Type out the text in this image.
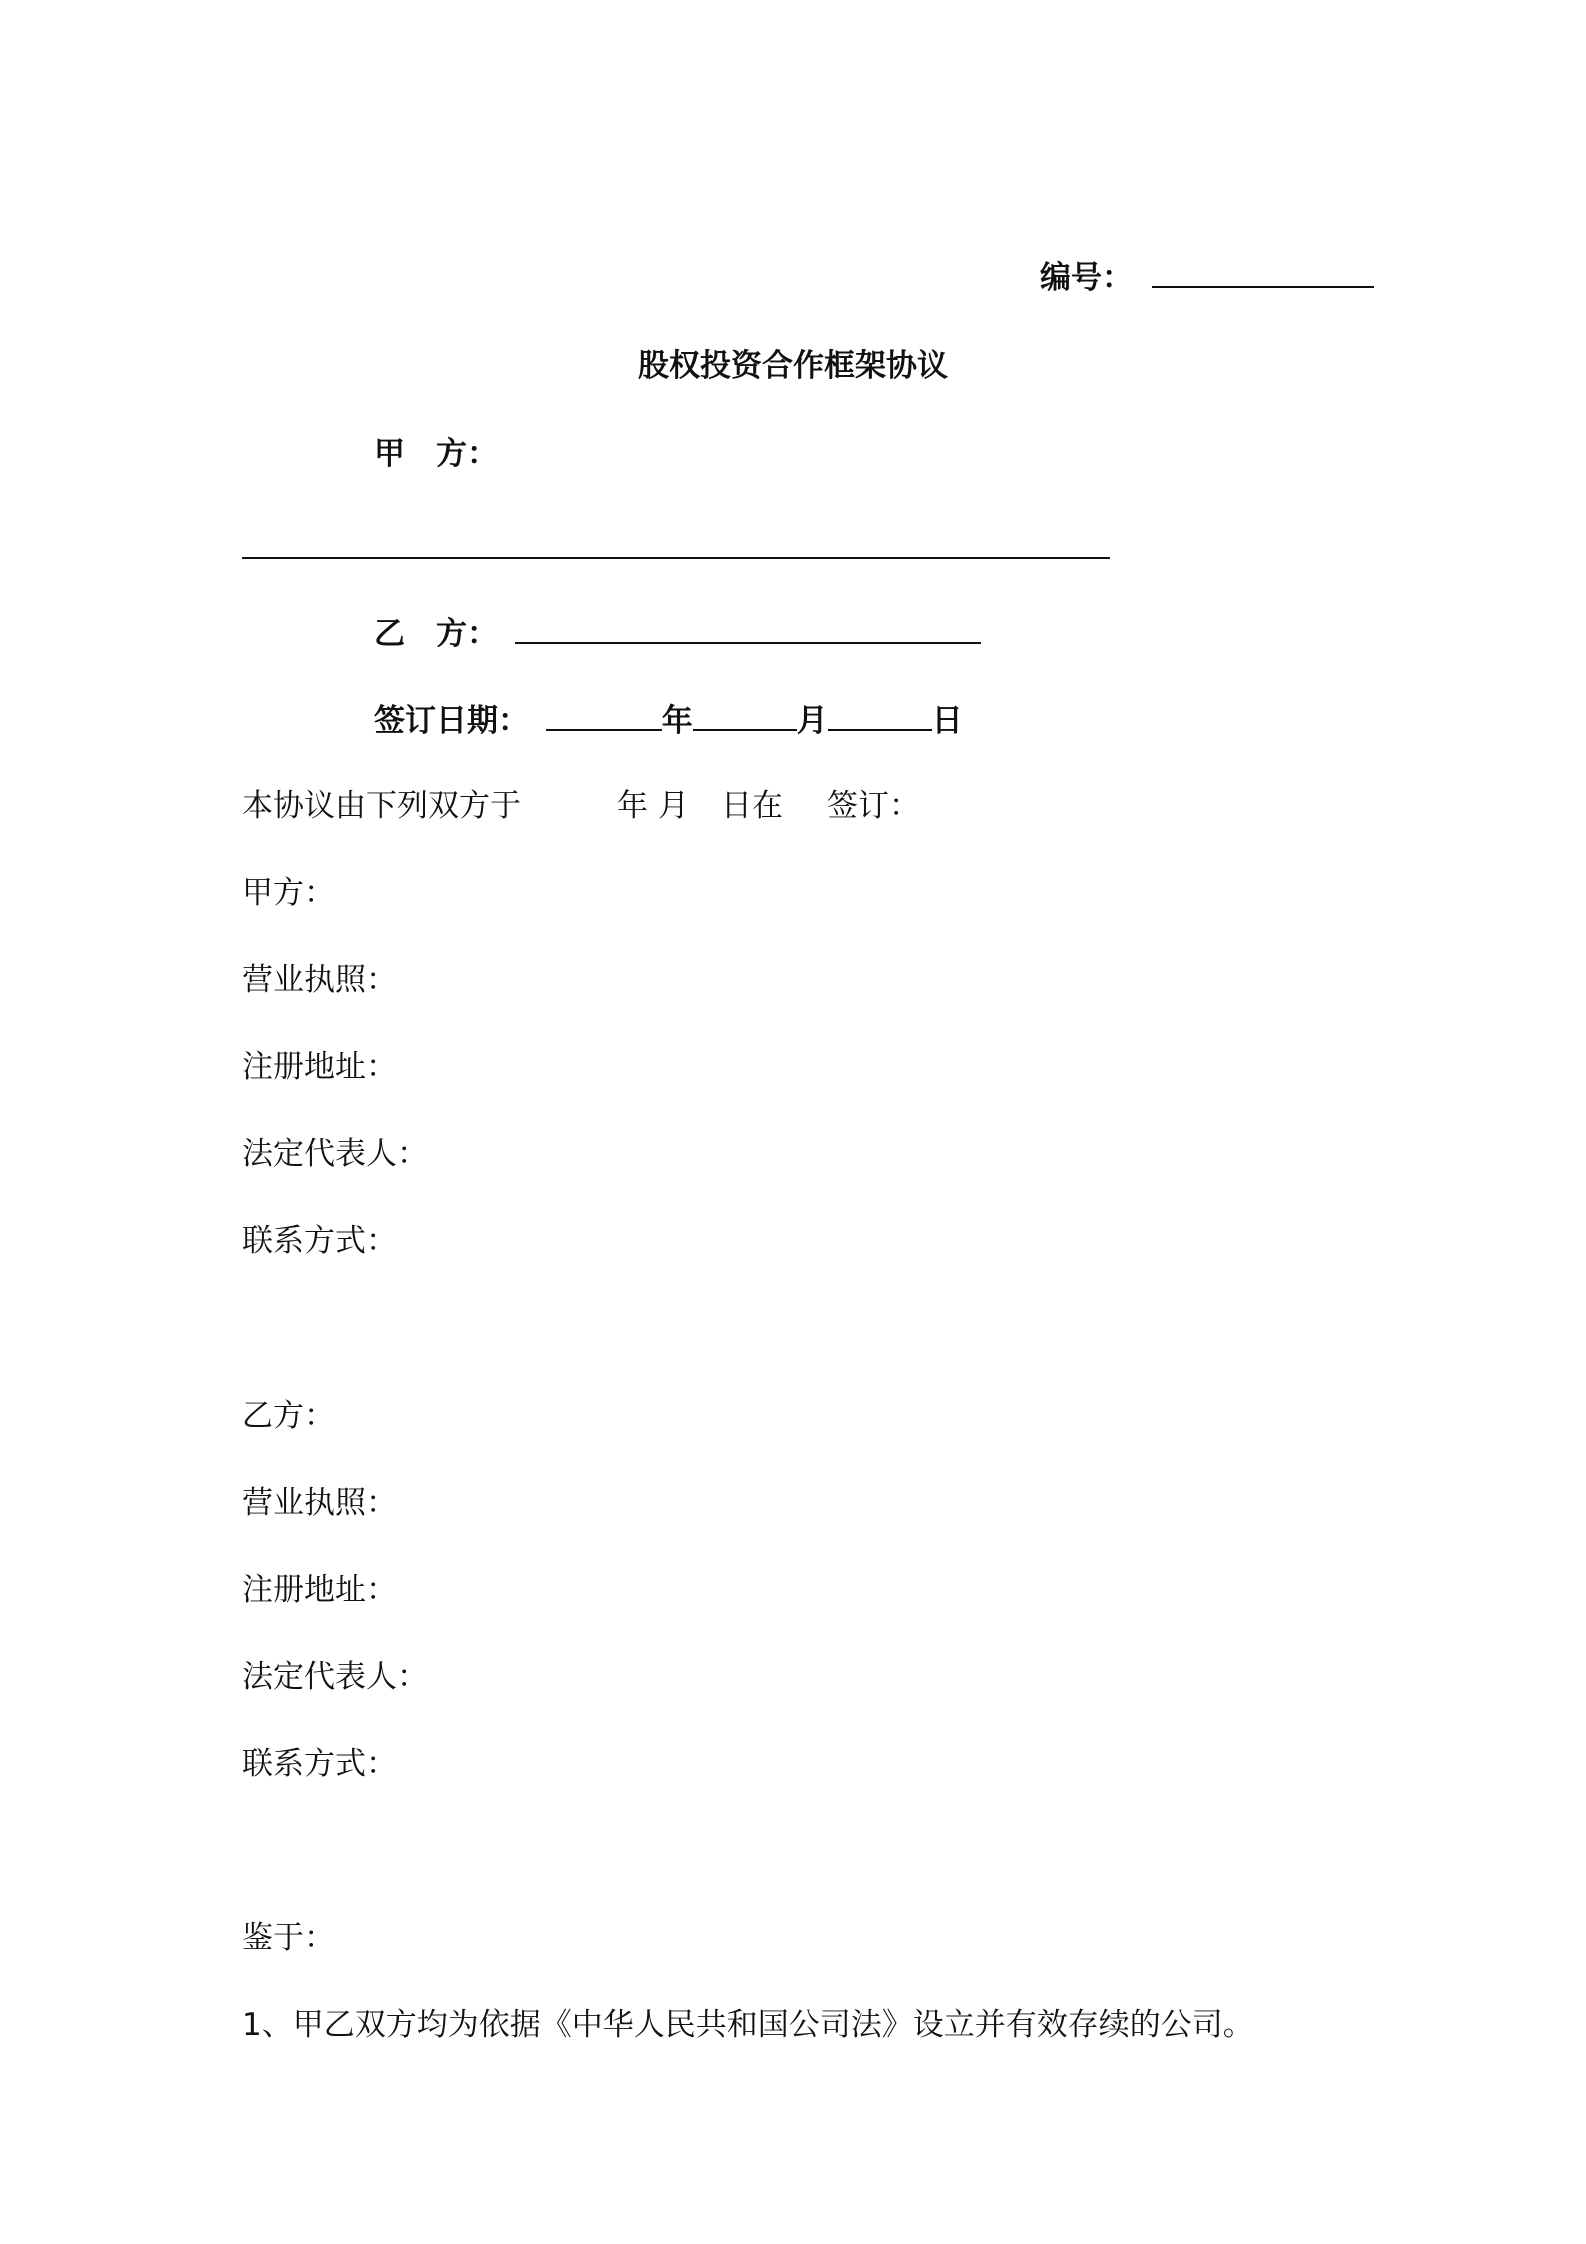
编号：
股权投资合作框架协议
甲　方：
乙　方：
签订日期：	年	月	日
本协议由下列双方于	年 月 日在 签订：
甲方：
营业执照：
注册地址：
法定代表人：
联系方式：
乙方：
营业执照：
注册地址：
法定代表人：
联系方式：
鉴于：
1、甲乙双方均为依据《中华人民共和国公司法》设立并有效存续的公司。
